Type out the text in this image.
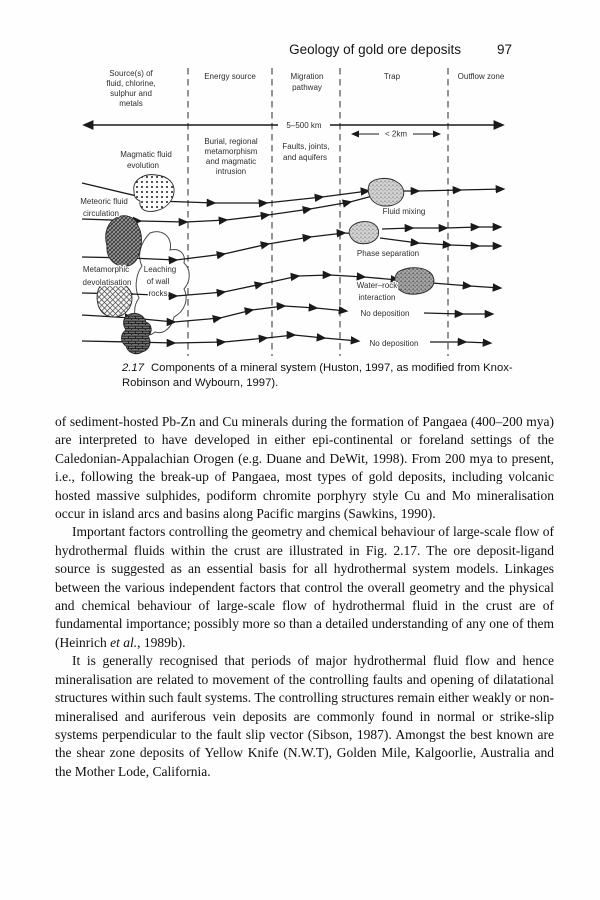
Geology of gold ore deposits	97
5–500 km
< 2km
Source(s) of
fluid, chlorine,
sulphur and
metals
Energy source	Migration
pathway
Trap	Outflow zone
Magmatic fluid
evolution
Burial, regional
metamorphism
and magmatic
intrusion
Faults, joints,
and aquifers
Meteoric fluid
circulation
Metamorphic
devolatisation
Leaching
of wall
rocks
Fluid mixing
Phase separation
Water–rock
interaction
No deposition
No deposition
2.17 Components of a mineral system (Huston, 1997, as modified from Knox-Robinson and Wybourn, 1997).

of sediment-hosted Pb-Zn and Cu minerals during the formation of Pangaea (400–200 mya) are interpreted to have developed in either epi-continental or foreland settings of the Caledonian-Appalachian Orogen (e.g. Duane and DeWit, 1998). From 200 mya to present, i.e., following the break-up of Pangaea, most types of gold deposits, including volcanic hosted massive sulphides, podiform chromite porphyry style Cu and Mo mineralisation occur in island arcs and basins along Pacific margins (Sawkins, 1990).

Important factors controlling the geometry and chemical behaviour of large-scale flow of hydrothermal fluids within the crust are illustrated in Fig. 2.17. The ore deposit-ligand source is suggested as an essential basis for all hydrothermal system models. Linkages between the various independent factors that control the overall geometry and the physical and chemical behaviour of large-scale flow of hydrothermal fluid in the crust are of fundamental importance; possibly more so than a detailed understanding of any one of them (Heinrich et al., 1989b).

It is generally recognised that periods of major hydrothermal fluid flow and hence mineralisation are related to movement of the controlling faults and opening of dilatational structures within such fault systems. The controlling structures remain either weakly or non-mineralised and auriferous vein deposits are commonly found in normal or strike-slip systems perpendicular to the fault slip vector (Sibson, 1987). Amongst the best known are the shear zone deposits of Yellow Knife (N.W.T), Golden Mile, Kalgoorlie, Australia and the Mother Lode, California.
